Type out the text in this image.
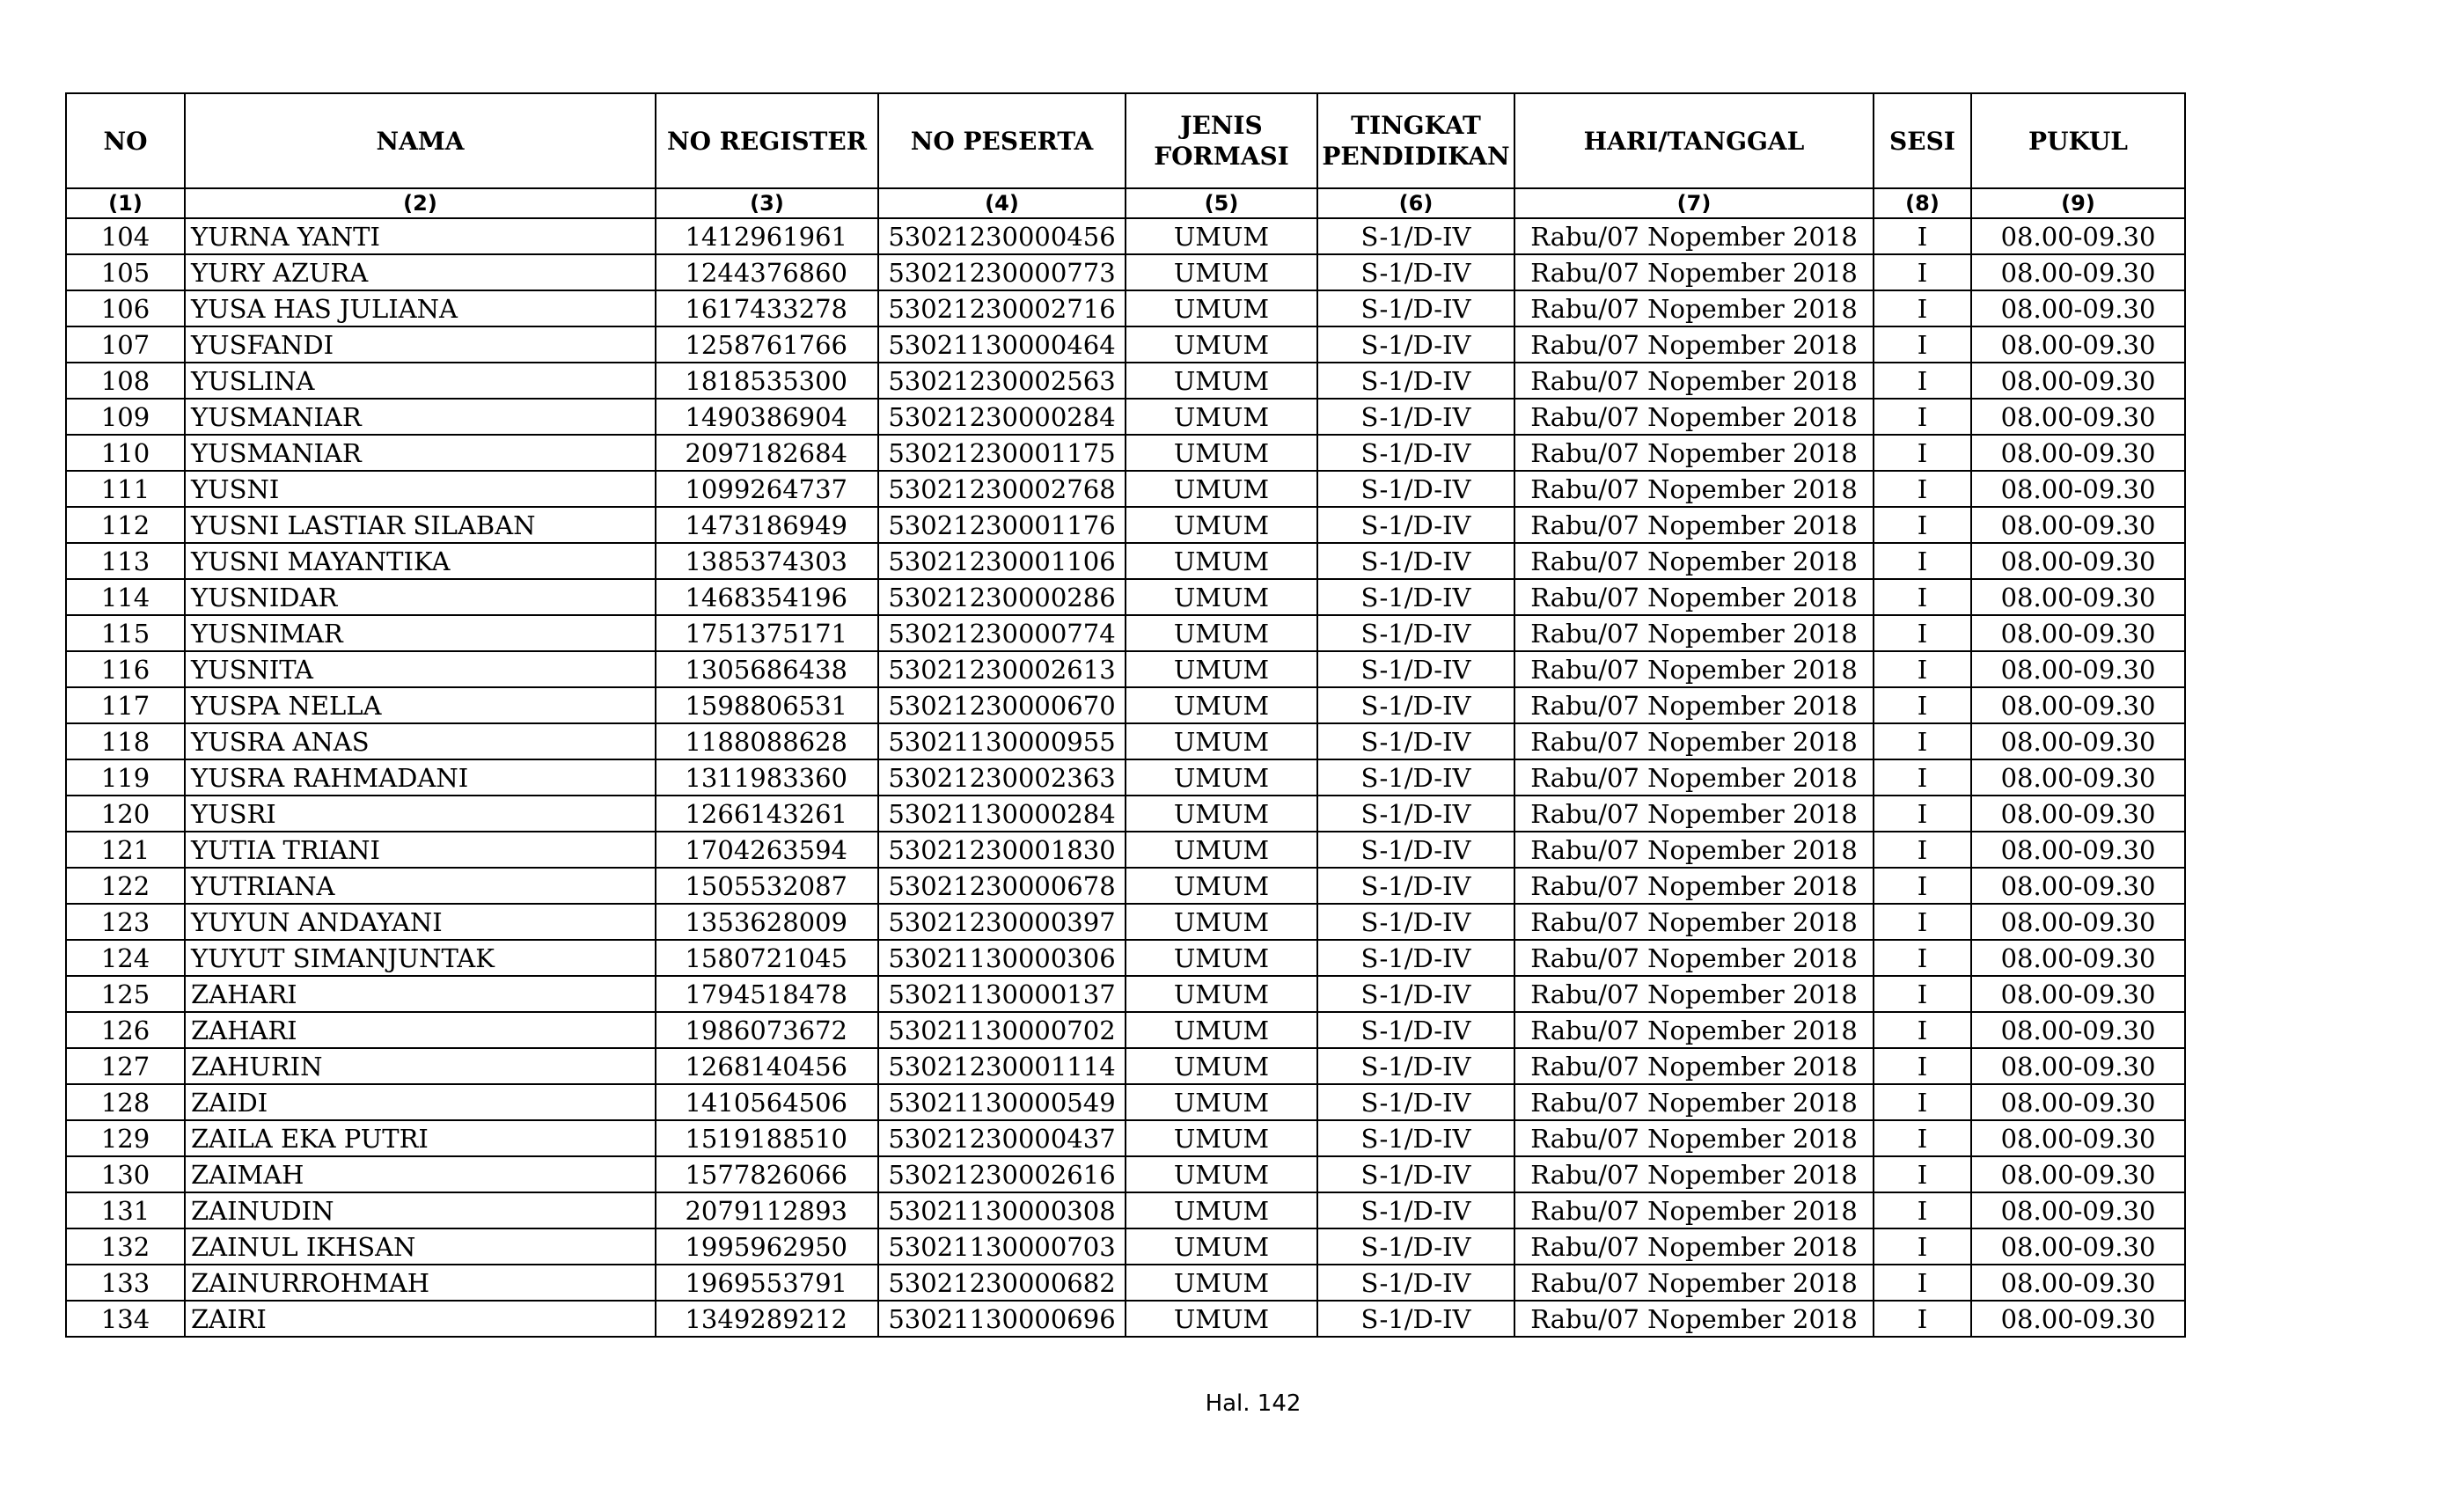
NO	NAMA	NO REGISTER	NO PESERTA	JENIS FORMASI	TINGKAT PENDIDIKAN	HARI/TANGGAL	SESI	PUKUL
(1)	(2)	(3)	(4)	(5)	(6)	(7)	(8)	(9)
104	YURNA YANTI	1412961961	53021230000456	UMUM	S-1/D-IV	Rabu/07 Nopember 2018	I	08.00-09.30
105	YURY AZURA	1244376860	53021230000773	UMUM	S-1/D-IV	Rabu/07 Nopember 2018	I	08.00-09.30
106	YUSA HAS JULIANA	1617433278	53021230002716	UMUM	S-1/D-IV	Rabu/07 Nopember 2018	I	08.00-09.30
107	YUSFANDI	1258761766	53021130000464	UMUM	S-1/D-IV	Rabu/07 Nopember 2018	I	08.00-09.30
108	YUSLINA	1818535300	53021230002563	UMUM	S-1/D-IV	Rabu/07 Nopember 2018	I	08.00-09.30
109	YUSMANIAR	1490386904	53021230000284	UMUM	S-1/D-IV	Rabu/07 Nopember 2018	I	08.00-09.30
110	YUSMANIAR	2097182684	53021230001175	UMUM	S-1/D-IV	Rabu/07 Nopember 2018	I	08.00-09.30
111	YUSNI	1099264737	53021230002768	UMUM	S-1/D-IV	Rabu/07 Nopember 2018	I	08.00-09.30
112	YUSNI LASTIAR SILABAN	1473186949	53021230001176	UMUM	S-1/D-IV	Rabu/07 Nopember 2018	I	08.00-09.30
113	YUSNI MAYANTIKA	1385374303	53021230001106	UMUM	S-1/D-IV	Rabu/07 Nopember 2018	I	08.00-09.30
114	YUSNIDAR	1468354196	53021230000286	UMUM	S-1/D-IV	Rabu/07 Nopember 2018	I	08.00-09.30
115	YUSNIMAR	1751375171	53021230000774	UMUM	S-1/D-IV	Rabu/07 Nopember 2018	I	08.00-09.30
116	YUSNITA	1305686438	53021230002613	UMUM	S-1/D-IV	Rabu/07 Nopember 2018	I	08.00-09.30
117	YUSPA NELLA	1598806531	53021230000670	UMUM	S-1/D-IV	Rabu/07 Nopember 2018	I	08.00-09.30
118	YUSRA ANAS	1188088628	53021130000955	UMUM	S-1/D-IV	Rabu/07 Nopember 2018	I	08.00-09.30
119	YUSRA RAHMADANI	1311983360	53021230002363	UMUM	S-1/D-IV	Rabu/07 Nopember 2018	I	08.00-09.30
120	YUSRI	1266143261	53021130000284	UMUM	S-1/D-IV	Rabu/07 Nopember 2018	I	08.00-09.30
121	YUTIA TRIANI	1704263594	53021230001830	UMUM	S-1/D-IV	Rabu/07 Nopember 2018	I	08.00-09.30
122	YUTRIANA	1505532087	53021230000678	UMUM	S-1/D-IV	Rabu/07 Nopember 2018	I	08.00-09.30
123	YUYUN ANDAYANI	1353628009	53021230000397	UMUM	S-1/D-IV	Rabu/07 Nopember 2018	I	08.00-09.30
124	YUYUT SIMANJUNTAK	1580721045	53021130000306	UMUM	S-1/D-IV	Rabu/07 Nopember 2018	I	08.00-09.30
125	ZAHARI	1794518478	53021130000137	UMUM	S-1/D-IV	Rabu/07 Nopember 2018	I	08.00-09.30
126	ZAHARI	1986073672	53021130000702	UMUM	S-1/D-IV	Rabu/07 Nopember 2018	I	08.00-09.30
127	ZAHURIN	1268140456	53021230001114	UMUM	S-1/D-IV	Rabu/07 Nopember 2018	I	08.00-09.30
128	ZAIDI	1410564506	53021130000549	UMUM	S-1/D-IV	Rabu/07 Nopember 2018	I	08.00-09.30
129	ZAILA EKA PUTRI	1519188510	53021230000437	UMUM	S-1/D-IV	Rabu/07 Nopember 2018	I	08.00-09.30
130	ZAIMAH	1577826066	53021230002616	UMUM	S-1/D-IV	Rabu/07 Nopember 2018	I	08.00-09.30
131	ZAINUDIN	2079112893	53021130000308	UMUM	S-1/D-IV	Rabu/07 Nopember 2018	I	08.00-09.30
132	ZAINUL IKHSAN	1995962950	53021130000703	UMUM	S-1/D-IV	Rabu/07 Nopember 2018	I	08.00-09.30
133	ZAINURROHMAH	1969553791	53021230000682	UMUM	S-1/D-IV	Rabu/07 Nopember 2018	I	08.00-09.30
134	ZAIRI	1349289212	53021130000696	UMUM	S-1/D-IV	Rabu/07 Nopember 2018	I	08.00-09.30
Hal. 142
